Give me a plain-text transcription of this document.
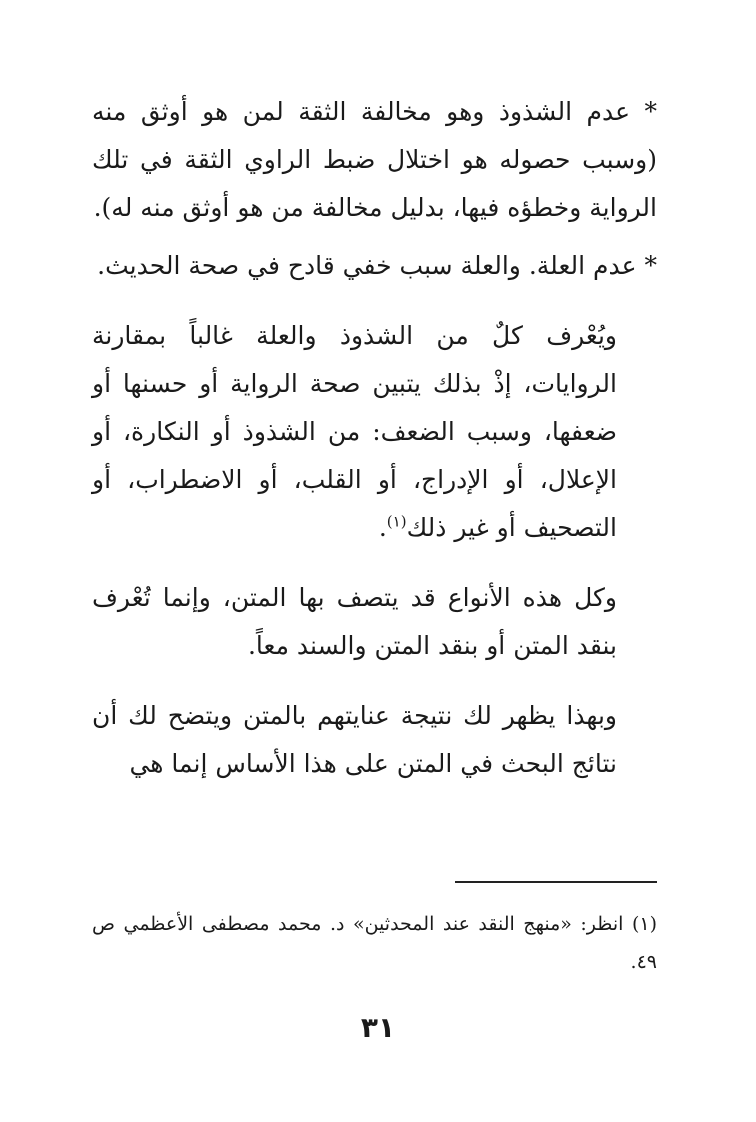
* عدم الشذوذ وهو مخالفة الثقة لمن هو أوثق منه (وسبب حصوله هو اختلال ضبط الراوي الثقة في تلك الرواية وخطؤه فيها، بدليل مخالفة من هو أوثق منه له).

* عدم العلة. والعلة سبب خفي قادح في صحة الحديث.

ويُعْرف كلٌ من الشذوذ والعلة غالباً بمقارنة الروايات، إذْ بذلك يتبين صحة الرواية أو حسنها أو ضعفها، وسبب الضعف: من الشذوذ أو النكارة، أو الإعلال، أو الإدراج، أو القلب، أو الاضطراب، أو التصحيف أو غير ذلك$^{(١)}$.

وكل هذه الأنواع قد يتصف بها المتن، وإنما تُعْرف بنقد المتن أو بنقد المتن والسند معاً.

وبهذا يظهر لك نتيجة عنايتهم بالمتن ويتضح لك أن نتائج البحث في المتن على هذا الأساس إنما هي

(١) انظر: «منهج النقد عند المحدثين» د. محمد مصطفى الأعظمي ص ٤٩.

٣١
